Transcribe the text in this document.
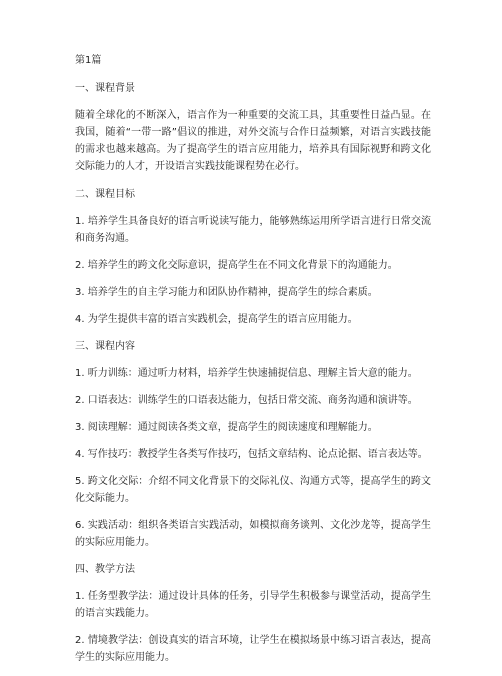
第1篇
一、课程背景
随着全球化的不断深入，语言作为一种重要的交流工具，其重要性日益凸显。在我国，随着“一带一路”倡议的推进，对外交流与合作日益频繁，对语言实践技能的需求也越来越高。为了提高学生的语言应用能力，培养具有国际视野和跨文化交际能力的人才，开设语言实践技能课程势在必行。
二、课程目标
1. 培养学生具备良好的语言听说读写能力，能够熟练运用所学语言进行日常交流和商务沟通。
2. 培养学生的跨文化交际意识，提高学生在不同文化背景下的沟通能力。
3. 培养学生的自主学习能力和团队协作精神，提高学生的综合素质。
4. 为学生提供丰富的语言实践机会，提高学生的语言应用能力。
三、课程内容
1. 听力训练：通过听力材料，培养学生快速捕捉信息、理解主旨大意的能力。
2. 口语表达：训练学生的口语表达能力，包括日常交流、商务沟通和演讲等。
3. 阅读理解：通过阅读各类文章，提高学生的阅读速度和理解能力。
4. 写作技巧：教授学生各类写作技巧，包括文章结构、论点论据、语言表达等。
5. 跨文化交际：介绍不同文化背景下的交际礼仪、沟通方式等，提高学生的跨文化交际能力。
6. 实践活动：组织各类语言实践活动，如模拟商务谈判、文化沙龙等，提高学生的实际应用能力。
四、教学方法
1. 任务型教学法：通过设计具体的任务，引导学生积极参与课堂活动，提高学生的语言实践能力。
2. 情境教学法：创设真实的语言环境，让学生在模拟场景中练习语言表达，提高学生的实际应用能力。
